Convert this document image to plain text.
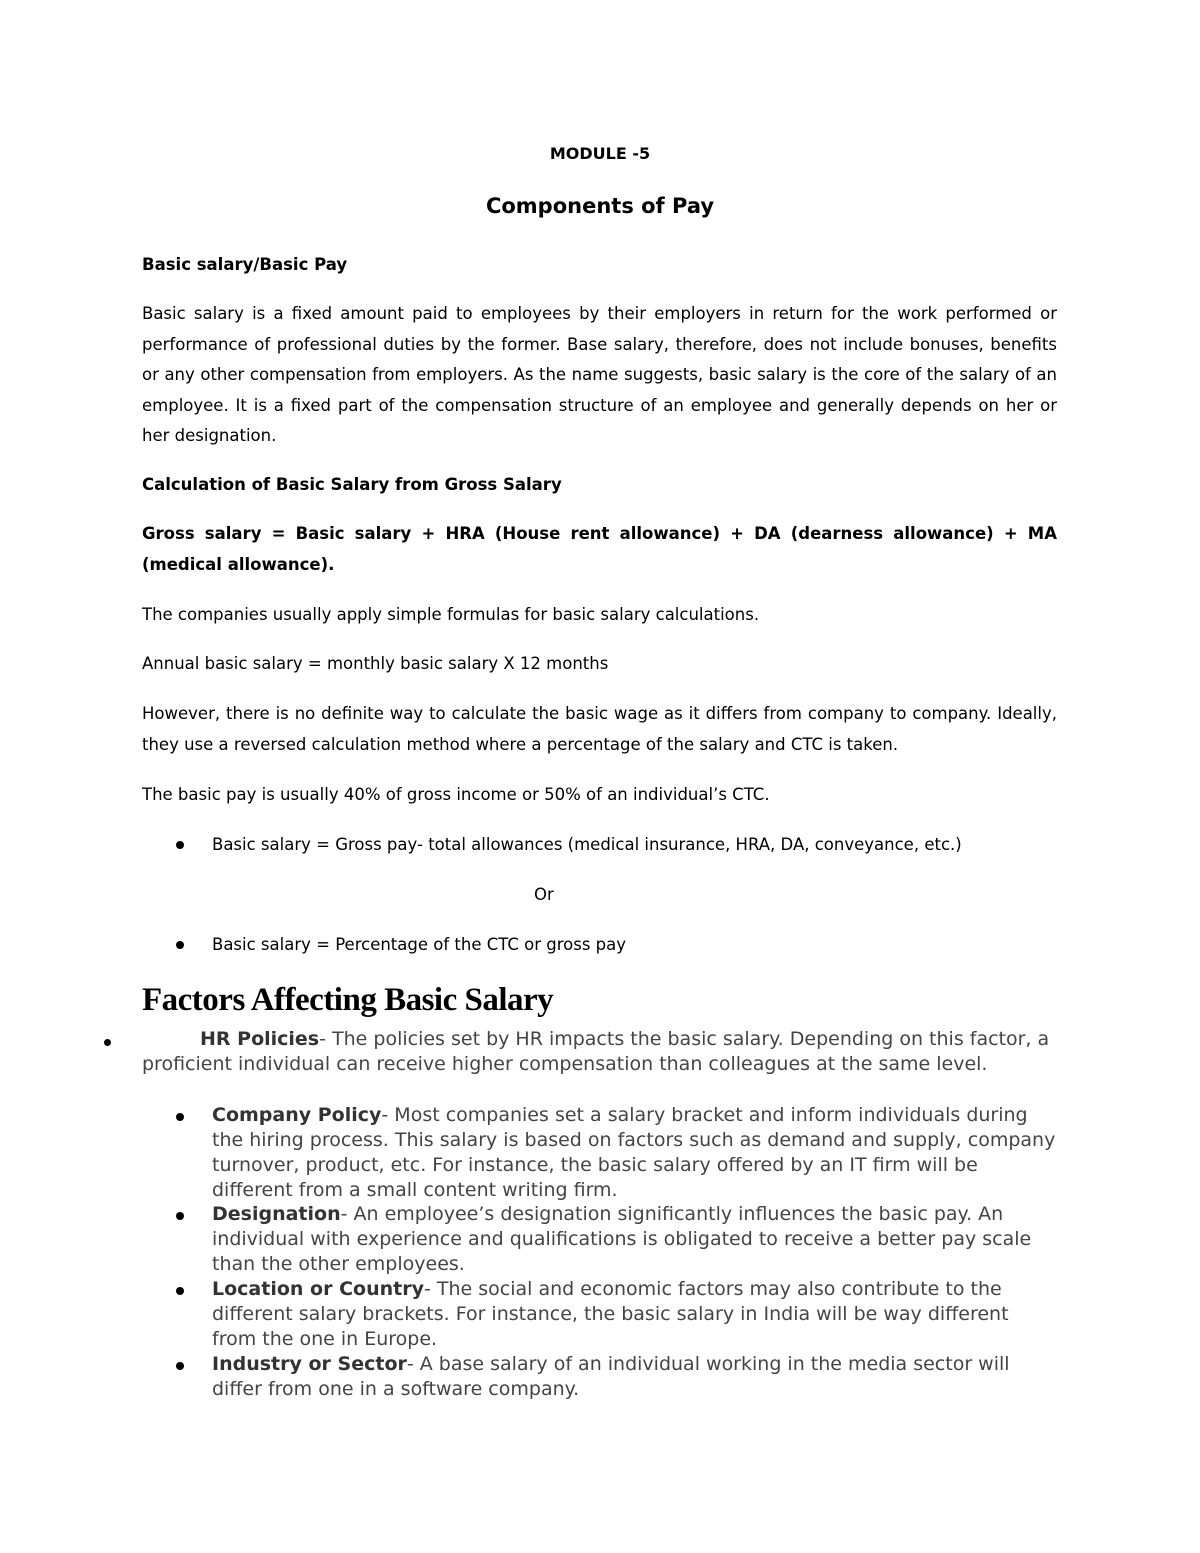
MODULE -5
Components of Pay
Basic salary/Basic Pay
Basic salary is a fixed amount paid to employees by their employers in return for the work performed or performance of professional duties by the former. Base salary, therefore, does not include bonuses, benefits or any other compensation from employers. As the name suggests, basic salary is the core of the salary of an employee. It is a fixed part of the compensation structure of an employee and generally depends on her or her designation.
Calculation of Basic Salary from Gross Salary
Gross salary = Basic salary + HRA (House rent allowance) + DA (dearness allowance) + MA (medical allowance).
The companies usually apply simple formulas for basic salary calculations.
Annual basic salary = monthly basic salary X 12 months
However, there is no definite way to calculate the basic wage as it differs from company to company. Ideally, they use a reversed calculation method where a percentage of the salary and CTC is taken.
The basic pay is usually 40% of gross income or 50% of an individual’s CTC.
Basic salary = Gross pay- total allowances (medical insurance, HRA, DA, conveyance, etc.)
Or
Basic salary = Percentage of the CTC or gross pay
Factors Affecting Basic Salary
HR Policies- The policies set by HR impacts the basic salary. Depending on this factor, a proficient individual can receive higher compensation than colleagues at the same level.
Company Policy- Most companies set a salary bracket and inform individuals during the hiring process. This salary is based on factors such as demand and supply, company turnover, product, etc. For instance, the basic salary offered by an IT firm will be different from a small content writing firm.
Designation- An employee’s designation significantly influences the basic pay. An individual with experience and qualifications is obligated to receive a better pay scale than the other employees.
Location or Country- The social and economic factors may also contribute to the different salary brackets. For instance, the basic salary in India will be way different from the one in Europe.
Industry or Sector- A base salary of an individual working in the media sector will differ from one in a software company.
